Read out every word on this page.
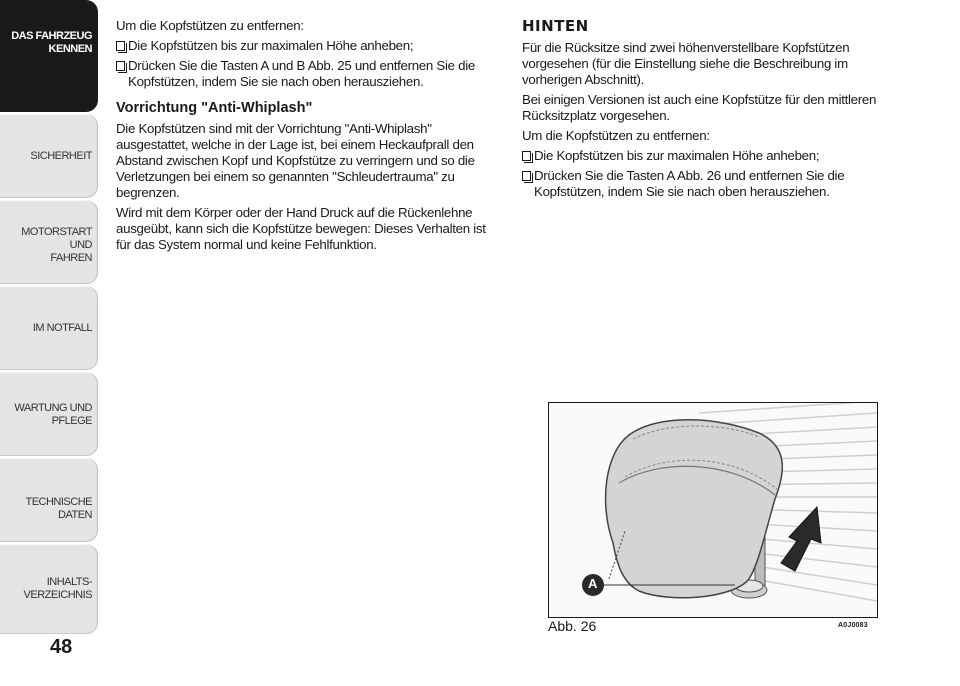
DAS FAHRZEUG
KENNEN
SICHERHEIT
MOTORSTART UND
FAHREN
IM NOTFALL
WARTUNG UND
PFLEGE
TECHNISCHE DATEN
INHALTS-
VERZEICHNIS
48

Um die Kopfstützen zu entfernen:

Die Kopfstützen bis zur maximalen Höhe anheben;
Drücken Sie die Tasten A und B Abb. 25 und entfernen Sie die Kopfstützen, indem Sie sie nach oben herausziehen.
Vorrichtung "Anti-Whiplash"

Die Kopfstützen sind mit der Vorrichtung "Anti-Whiplash" ausgestattet, welche in der Lage ist, bei einem Heckaufprall den Abstand zwischen Kopf und Kopfstütze zu verringern und so die Verletzungen bei einem so genannten "Schleudertrauma" zu begrenzen.

Wird mit dem Körper oder der Hand Druck auf die Rückenlehne ausgeübt, kann sich die Kopfstütze bewegen: Dieses Verhalten ist für das System normal und keine Fehlfunktion.

HINTEN

Für die Rücksitze sind zwei höhenverstellbare Kopfstützen vorgesehen (für die Einstellung siehe die Beschreibung im vorherigen Abschnitt).

Bei einigen Versionen ist auch eine Kopfstütze für den mittleren Rücksitzplatz vorgesehen.

Um die Kopfstützen zu entfernen:

Die Kopfstützen bis zur maximalen Höhe anheben;
Drücken Sie die Tasten A Abb. 26 und entfernen Sie die Kopfstützen, indem Sie sie nach oben herausziehen.
A
Abb. 26	A0J0083
